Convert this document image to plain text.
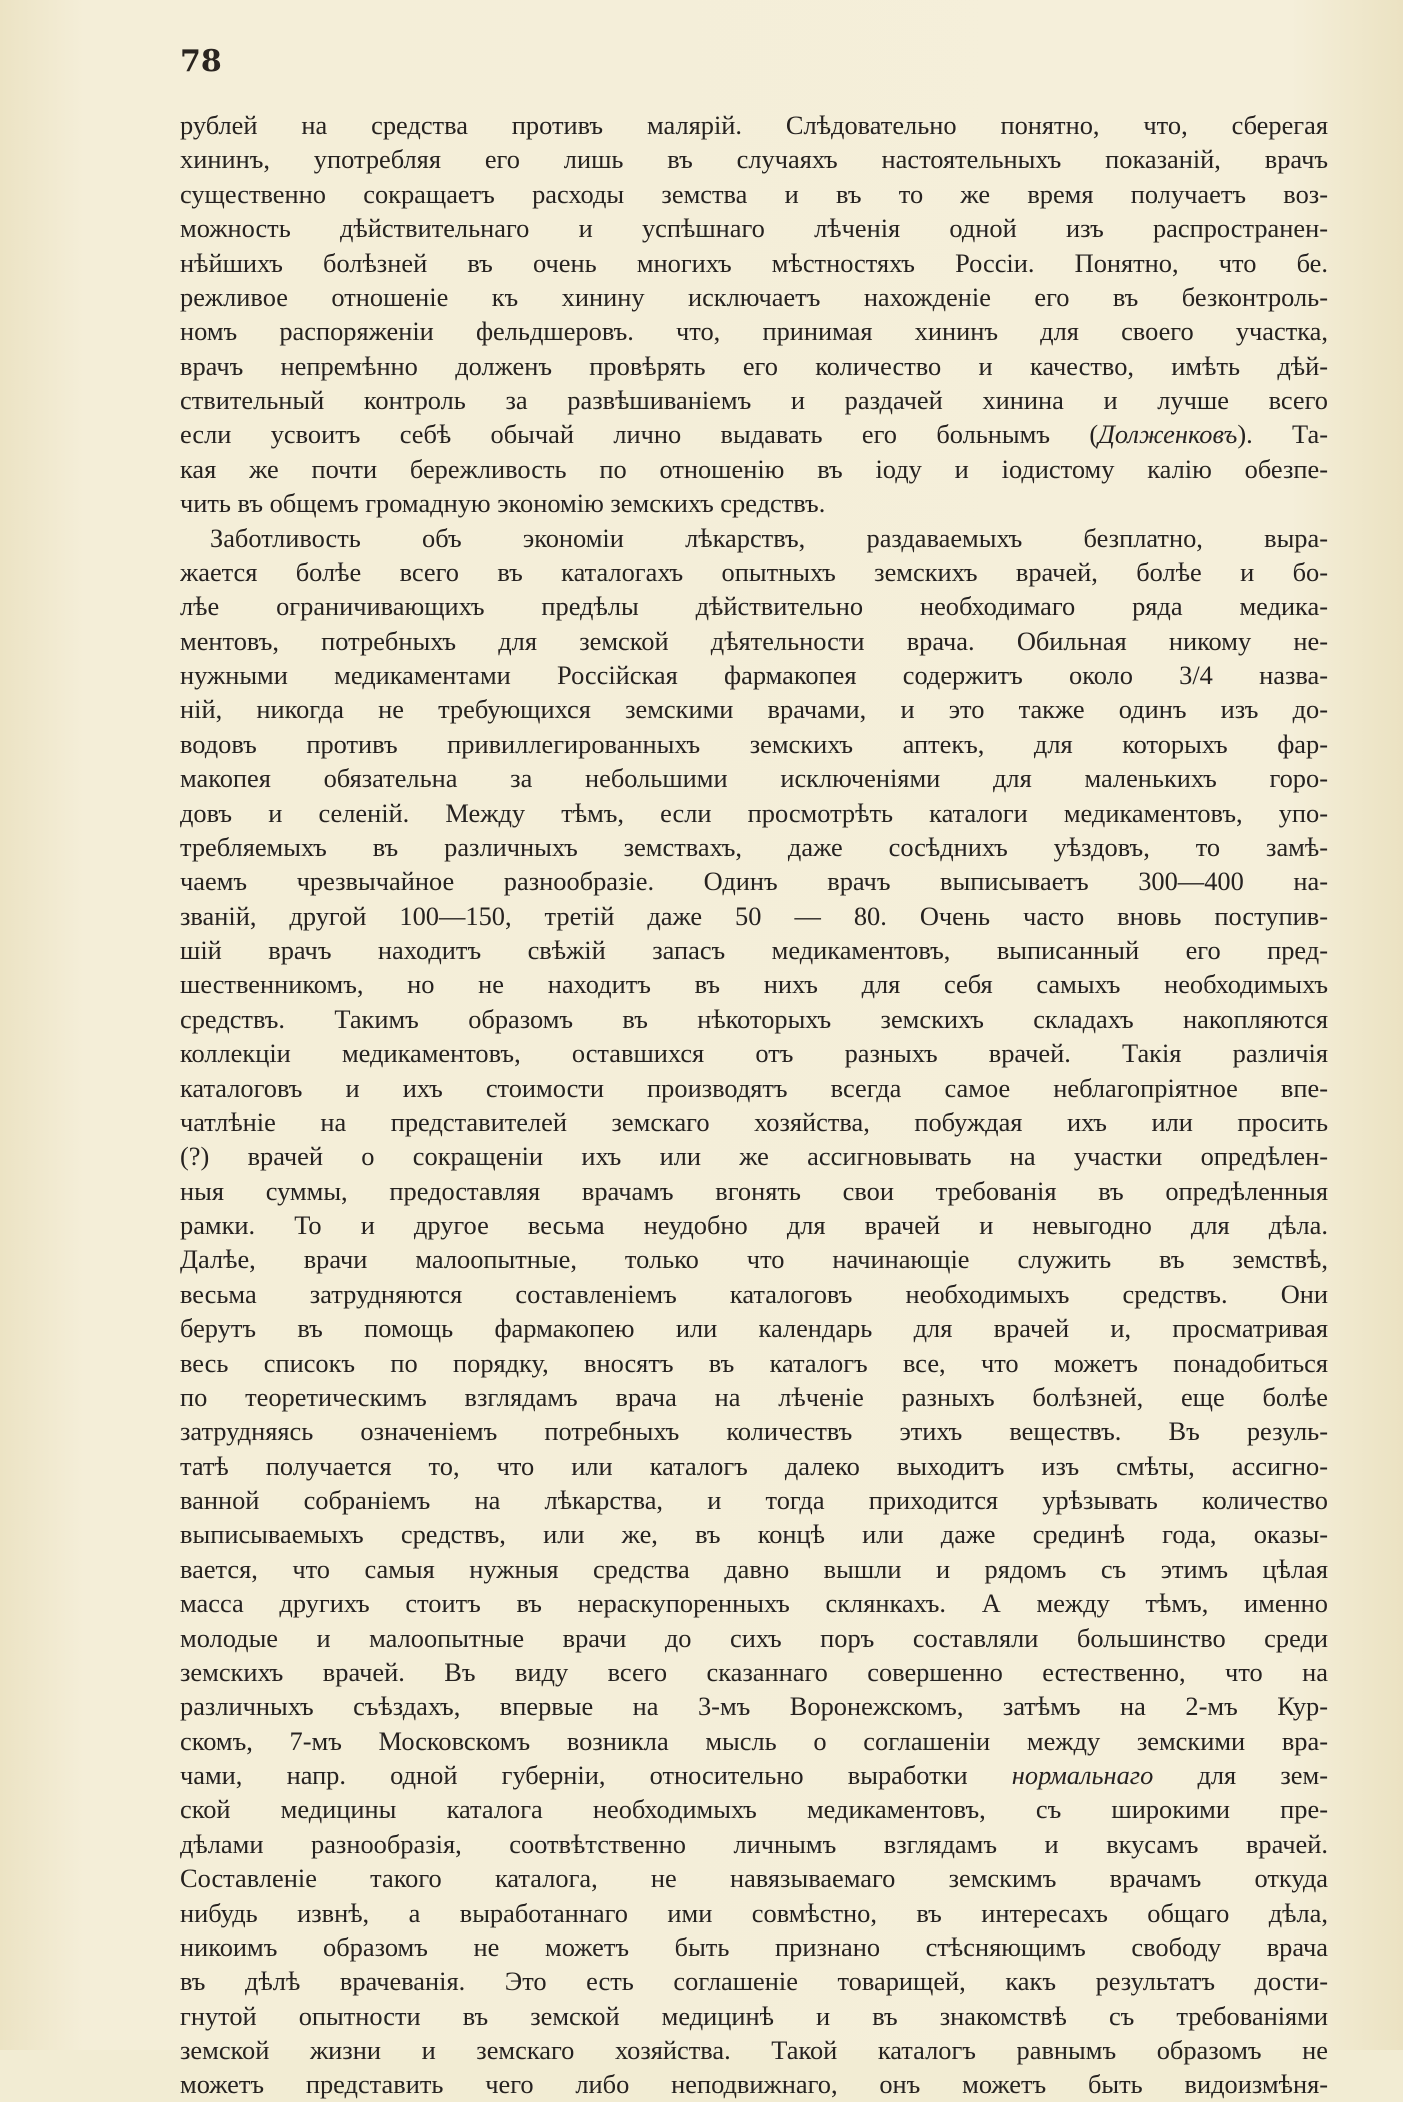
78
рублей на средства противъ малярій. Слѣдовательно понятно, что, сберегая
хининъ, употребляя его лишь въ случаяхъ настоятельныхъ показаній, врачъ
существенно сокращаетъ расходы земства и въ то же время получаетъ воз-
можность дѣйствительнаго и успѣшнаго лѣченія одной изъ распространен-
нѣйшихъ болѣзней въ очень многихъ мѣстностяхъ Россіи. Понятно, что бе.
режливое отношеніе къ хинину исключаетъ нахожденіе его въ безконтроль-
номъ распоряженіи фельдшеровъ. что, принимая хининъ для своего участка,
врачъ непремѣнно долженъ провѣрять его количество и качество, имѣть дѣй-
ствительный контроль за развѣшиваніемъ и раздачей хинина и лучше всего
если усвоитъ себѣ обычай лично выдавать его больнымъ (Долженковъ). Та-
кая же почти бережливость по отношенію въ іоду и іодистому калію обезпе-
чить въ общемъ громадную экономію земскихъ средствъ.
Заботливость объ экономіи лѣкарствъ, раздаваемыхъ безплатно, выра-
жается болѣе всего въ каталогахъ опытныхъ земскихъ врачей, болѣе и бо-
лѣе ограничивающихъ предѣлы дѣйствительно необходимаго ряда медика-
ментовъ, потребныхъ для земской дѣятельности врача. Обильная никому не-
нужными медикаментами Россійская фармакопея содержитъ около 3/4 назва-
ній, никогда не требующихся земскими врачами, и это также одинъ изъ до-
водовъ противъ привиллегированныхъ земскихъ аптекъ, для которыхъ фар-
макопея обязательна за небольшими исключеніями для маленькихъ горо-
довъ и селеній. Между тѣмъ, если просмотрѣть каталоги медикаментовъ, упо-
требляемыхъ въ различныхъ земствахъ, даже сосѣднихъ уѣздовъ, то замѣ-
чаемъ чрезвычайное разнообразіе. Одинъ врачъ выписываетъ 300—400 на-
званій, другой 100—150, третій даже 50 — 80. Очень часто вновь поступив-
шій врачъ находитъ свѣжій запасъ медикаментовъ, выписанный его пред-
шественникомъ, но не находитъ въ нихъ для себя самыхъ необходимыхъ
средствъ. Такимъ образомъ въ нѣкоторыхъ земскихъ складахъ накопляются
коллекціи медикаментовъ, оставшихся отъ разныхъ врачей. Такія различія
каталоговъ и ихъ стоимости производятъ всегда самое неблагопріятное впе-
чатлѣніе на представителей земскаго хозяйства, побуждая ихъ или просить
(?) врачей о сокращеніи ихъ или же ассигновывать на участки опредѣлен-
ныя суммы, предоставляя врачамъ вгонять свои требованія въ опредѣленныя
рамки. То и другое весьма неудобно для врачей и невыгодно для дѣла.
Далѣе, врачи малоопытные, только что начинающіе служить въ земствѣ,
весьма затрудняются составленіемъ каталоговъ необходимыхъ средствъ. Они
берутъ въ помощь фармакопею или календарь для врачей и, просматривая
весь списокъ по порядку, вносятъ въ каталогъ все, что можетъ понадобиться
по теоретическимъ взглядамъ врача на лѣченіе разныхъ болѣзней, еще болѣе
затрудняясь означеніемъ потребныхъ количествъ этихъ веществъ. Въ резуль-
татѣ получается то, что или каталогъ далеко выходитъ изъ смѣты, ассигно-
ванной собраніемъ на лѣкарства, и тогда приходится урѣзывать количество
выписываемыхъ средствъ, или же, въ концѣ или даже срединѣ года, оказы-
вается, что самыя нужныя средства давно вышли и рядомъ съ этимъ цѣлая
масса другихъ стоитъ въ нераскупоренныхъ склянкахъ. А между тѣмъ, именно
молодые и малоопытные врачи до сихъ поръ составляли большинство среди
земскихъ врачей. Въ виду всего сказаннаго совершенно естественно, что на
различныхъ съѣздахъ, впервые на 3-мъ Воронежскомъ, затѣмъ на 2-мъ Кур-
скомъ, 7-мъ Московскомъ возникла мысль о соглашеніи между земскими вра-
чами, напр. одной губерніи, относительно выработки нормальнаго для зем-
ской медицины каталога необходимыхъ медикаментовъ, съ широкими пре-
дѣлами разнообразія, соотвѣтственно личнымъ взглядамъ и вкусамъ врачей.
Составленіе такого каталога, не навязываемаго земскимъ врачамъ откуда
нибудь извнѣ, а выработаннаго ими совмѣстно, въ интересахъ общаго дѣла,
никоимъ образомъ не можетъ быть признано стѣсняющимъ свободу врача
въ дѣлѣ врачеванія. Это есть соглашеніе товарищей, какъ результатъ дости-
гнутой опытности въ земской медицинѣ и въ знакомствѣ съ требованіями
земской жизни и земскаго хозяйства. Такой каталогъ равнымъ образомъ не
можетъ представить чего либо неподвижнаго, онъ можетъ быть видоизмѣня-
